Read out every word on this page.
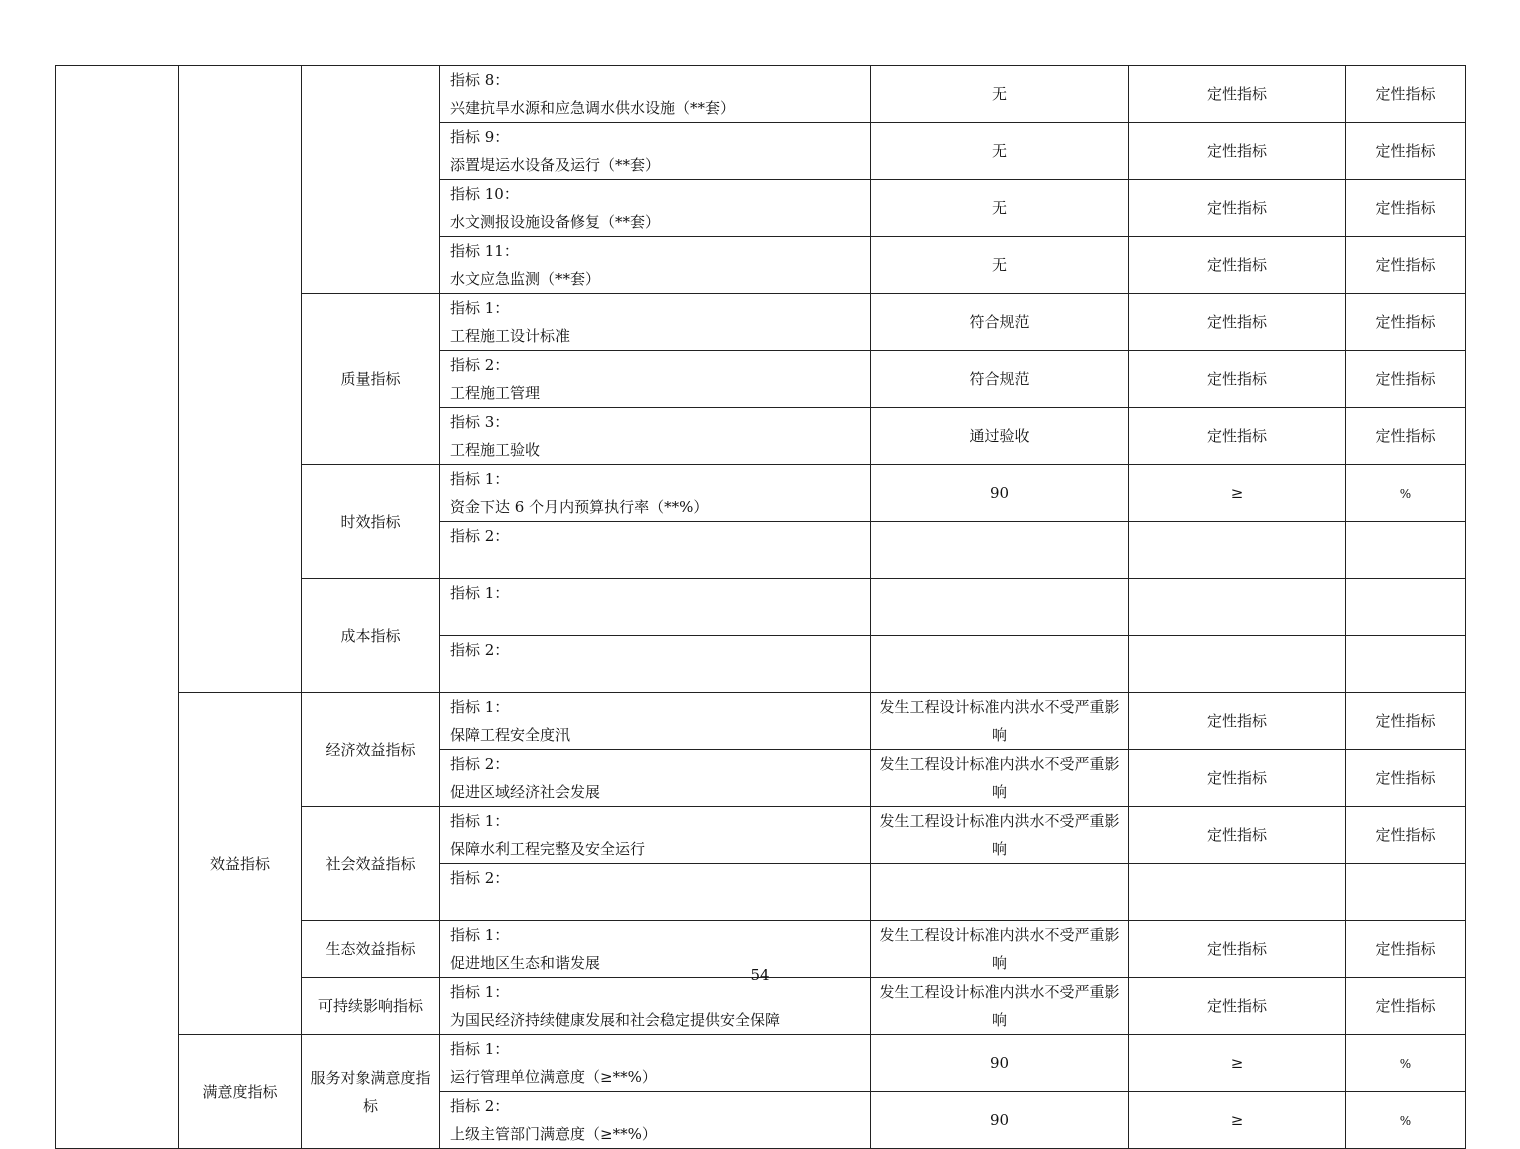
			指标 8：兴建抗旱水源和应急调水供水设施（**套）	无	定性指标	定性指标
			指标 9：添置堤运水设备及运行（**套）	无	定性指标	定性指标
			指标 10：水文测报设施设备修复（**套）	无	定性指标	定性指标
			指标 11：水文应急监测（**套）	无	定性指标	定性指标
		质量指标	指标 1：工程施工设计标准	符合规范	定性指标	定性指标
			指标 2：工程施工管理	符合规范	定性指标	定性指标
			指标 3：工程施工验收	通过验收	定性指标	定性指标
		时效指标	指标 1：资金下达 6 个月内预算执行率（**%）	90	≥	%
			指标 2：			
		成本指标	指标 1：			
			指标 2：			
	效益指标	经济效益指标	指标 1：保障工程安全度汛	发生工程设计标准内洪水不受严重影响	定性指标	定性指标
			指标 2：促进区域经济社会发展	发生工程设计标准内洪水不受严重影响	定性指标	定性指标
		社会效益指标	指标 1：保障水利工程完整及安全运行	发生工程设计标准内洪水不受严重影响	定性指标	定性指标
			指标 2：			
		生态效益指标	指标 1：促进地区生态和谐发展	发生工程设计标准内洪水不受严重影响	定性指标	定性指标
		可持续影响指标	指标 1：为国民经济持续健康发展和社会稳定提供安全保障	发生工程设计标准内洪水不受严重影响	定性指标	定性指标
	满意度指标	服务对象满意度指标	指标 1：运行管理单位满意度（≥**%）	90	≥	%
			指标 2：上级主管部门满意度（≥**%）	90	≥	%
54
